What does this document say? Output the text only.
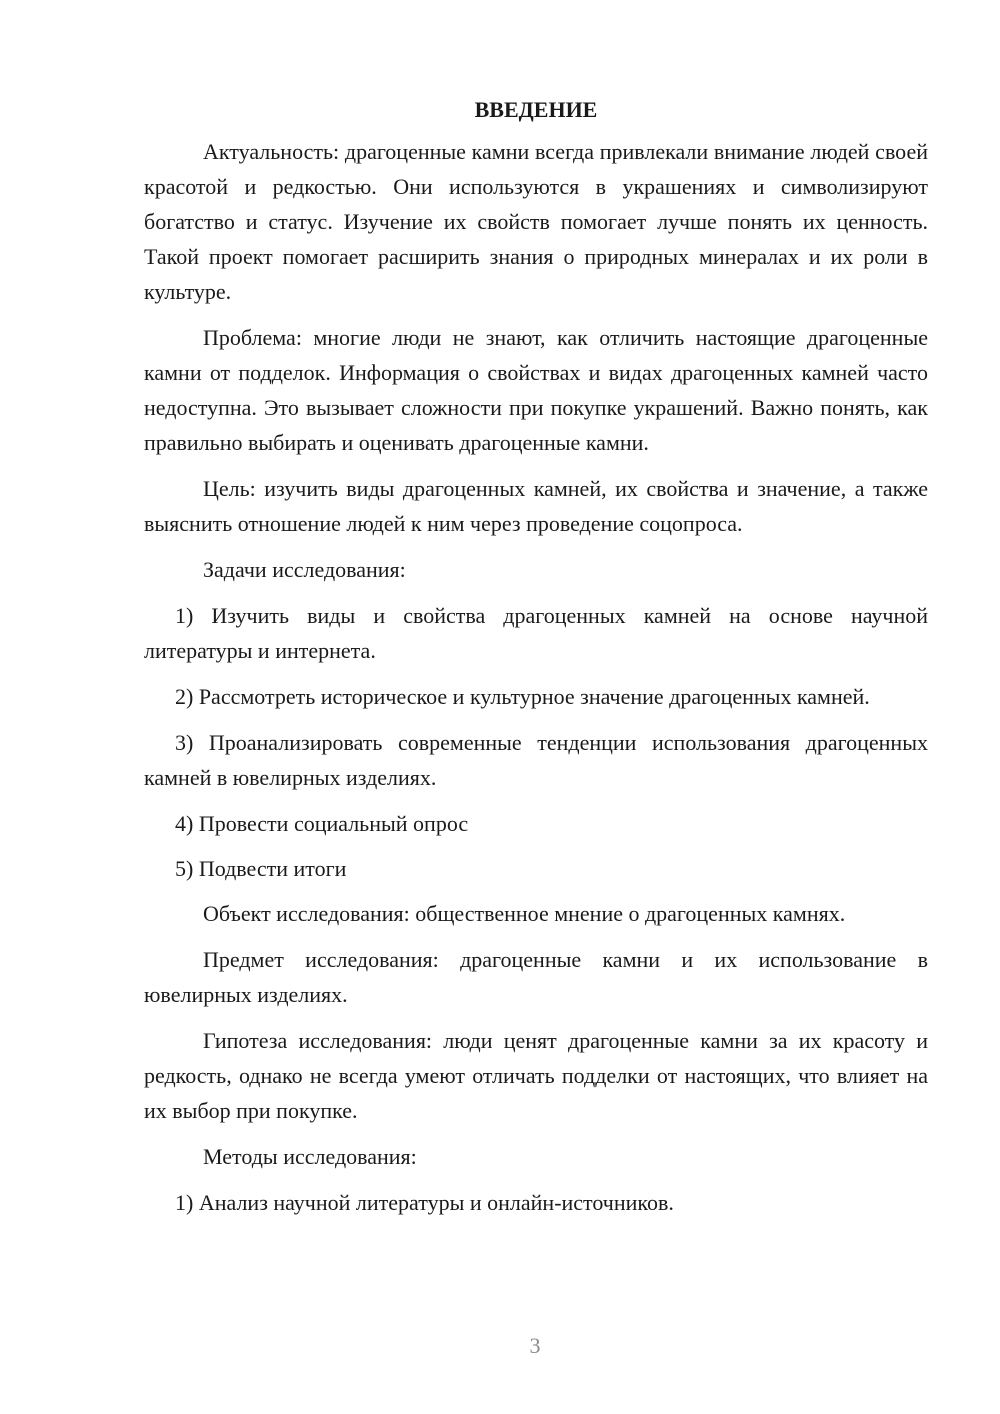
ВВЕДЕНИЕ

Актуальность: драгоценные камни всегда привлекали внимание людей своей красотой и редкостью. Они используются в украшениях и символизируют богатство и статус. Изучение их свойств помогает лучше понять их ценность. Такой проект помогает расширить знания о природных минералах и их роли в культуре.

Проблема: многие люди не знают, как отличить настоящие драгоценные камни от подделок. Информация о свойствах и видах драгоценных камней часто недоступна. Это вызывает сложности при покупке украшений. Важно понять, как правильно выбирать и оценивать драгоценные камни.

Цель: изучить виды драгоценных камней, их свойства и значение, а также выяснить отношение людей к ним через проведение соцопроса.

Задачи исследования:

1) Изучить виды и свойства драгоценных камней на основе научной литературы и интернета.

2) Рассмотреть историческое и культурное значение драгоценных камней.

3) Проанализировать современные тенденции использования драгоценных камней в ювелирных изделиях.

4) Провести социальный опрос

5) Подвести итоги

Объект исследования: общественное мнение о драгоценных камнях.

Предмет исследования: драгоценные камни и их использование в ювелирных изделиях.

Гипотеза исследования: люди ценят драгоценные камни за их красоту и редкость, однако не всегда умеют отличать подделки от настоящих, что влияет на их выбор при покупке.

Методы исследования:

1) Анализ научной литературы и онлайн-источников.

3
